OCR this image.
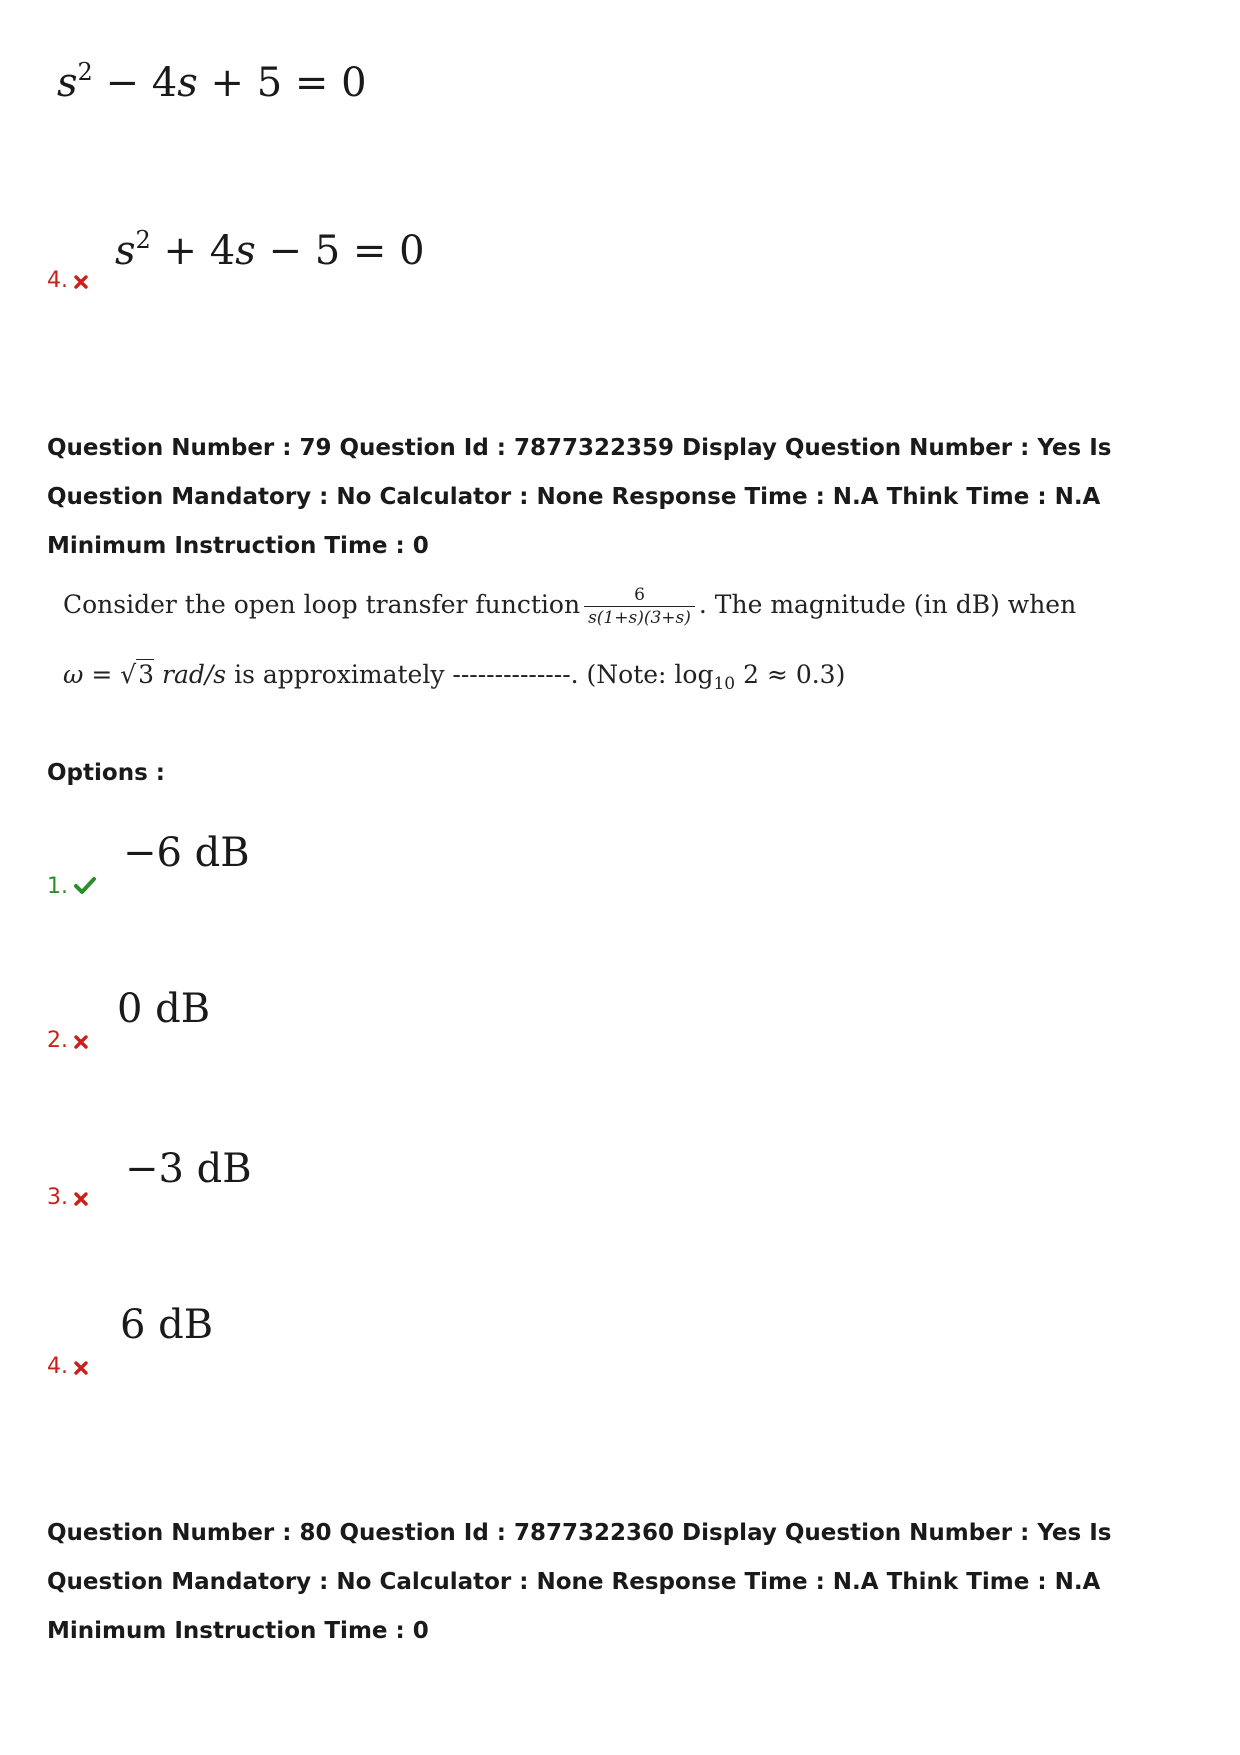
$s^2 - 4s + 5 = 0$
4.
$s^2 + 4s - 5 = 0$
Question Number : 79 Question Id : 7877322359 Display Question Number : Yes Is Question Mandatory : No Calculator : None Response Time : N.A Think Time : N.A Minimum Instruction Time : 0
Consider the open loop transfer function $\frac{6}{s(1+s)(3+s)}$ . The magnitude (in dB) when
ω = √3 rad/s is approximately --------------. (Note: $\log_{10} 2 \approx 0.3$)
Options :
1.
−6 dB
2.
0 dB
3.
−3 dB
4.
6 dB
Question Number : 80 Question Id : 7877322360 Display Question Number : Yes Is Question Mandatory : No Calculator : None Response Time : N.A Think Time : N.A Minimum Instruction Time : 0
